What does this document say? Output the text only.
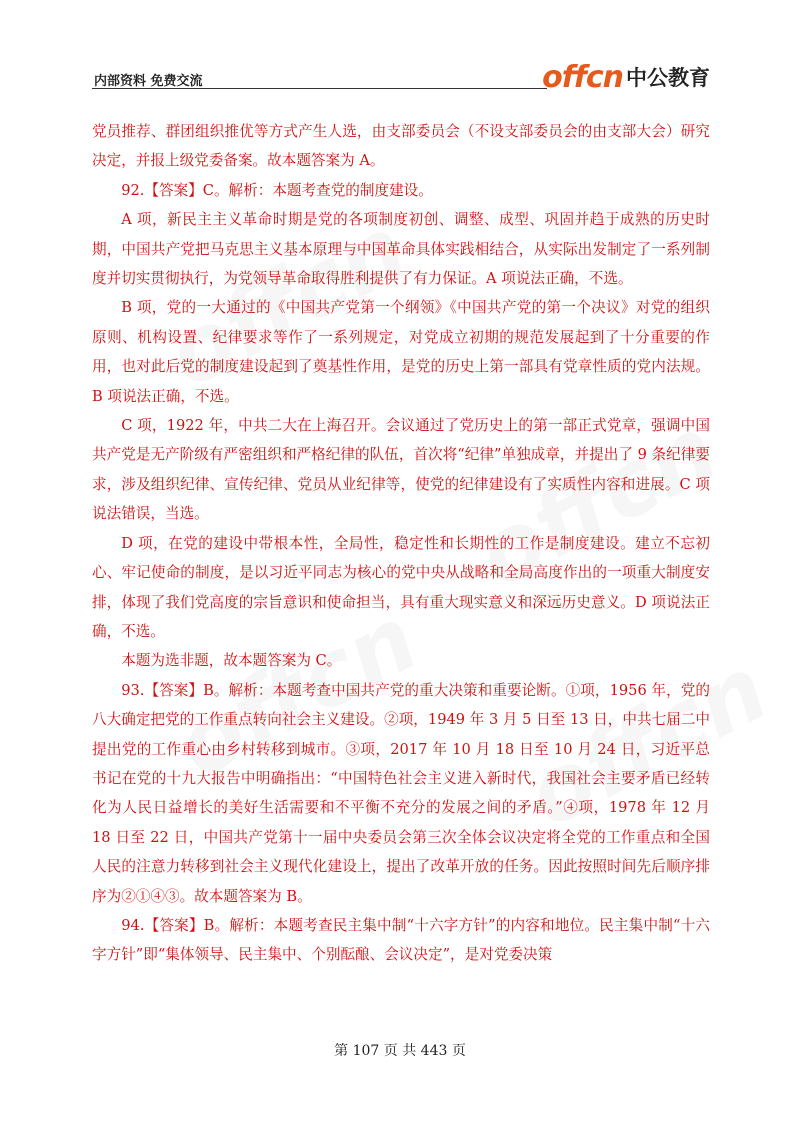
内部资料 免费交流	offcn 中公教育

党员推荐、群团组织推优等方式产生人选，由支部委员会（不设支部委员会的由支部大会）研究决定，并报上级党委备案。故本题答案为 A。

92.【答案】C。解析：本题考查党的制度建设。

A 项，新民主主义革命时期是党的各项制度初创、调整、成型、巩固并趋于成熟的历史时期，中国共产党把马克思主义基本原理与中国革命具体实践相结合，从实际出发制定了一系列制度并切实贯彻执行，为党领导革命取得胜利提供了有力保证。A 项说法正确，不选。

B 项，党的一大通过的《中国共产党第一个纲领》《中国共产党的第一个决议》对党的组织原则、机构设置、纪律要求等作了一系列规定，对党成立初期的规范发展起到了十分重要的作用，也对此后党的制度建设起到了奠基性作用，是党的历史上第一部具有党章性质的党内法规。B 项说法正确，不选。

C 项，1922 年，中共二大在上海召开。会议通过了党历史上的第一部正式党章，强调中国共产党是无产阶级有严密组织和严格纪律的队伍，首次将“纪律”单独成章，并提出了 9 条纪律要求，涉及组织纪律、宣传纪律、党员从业纪律等，使党的纪律建设有了实质性内容和进展。C 项说法错误，当选。

D 项，在党的建设中带根本性，全局性，稳定性和长期性的工作是制度建设。建立不忘初心、牢记使命的制度，是以习近平同志为核心的党中央从战略和全局高度作出的一项重大制度安排，体现了我们党高度的宗旨意识和使命担当，具有重大现实意义和深远历史意义。D 项说法正确，不选。

本题为选非题，故本题答案为 C。

93.【答案】B。解析：本题考查中国共产党的重大决策和重要论断。①项，1956 年，党的八大确定把党的工作重点转向社会主义建设。②项，1949 年 3 月 5 日至 13 日，中共七届二中提出党的工作重心由乡村转移到城市。③项，2017 年 10 月 18 日至 10 月 24 日，习近平总书记在党的十九大报告中明确指出：“中国特色社会主义进入新时代，我国社会主要矛盾已经转化为人民日益增长的美好生活需要和不平衡不充分的发展之间的矛盾。”④项，1978 年 12 月 18 日至 22 日，中国共产党第十一届中央委员会第三次全体会议决定将全党的工作重点和全国人民的注意力转移到社会主义现代化建设上，提出了改革开放的任务。因此按照时间先后顺序排序为②①④③。故本题答案为 B。

94.【答案】B。解析：本题考查民主集中制“十六字方针”的内容和地位。民主集中制“十六字方针”即“集体领导、民主集中、个别酝酿、会议决定”，是对党委决策

第 107 页 共 443 页
